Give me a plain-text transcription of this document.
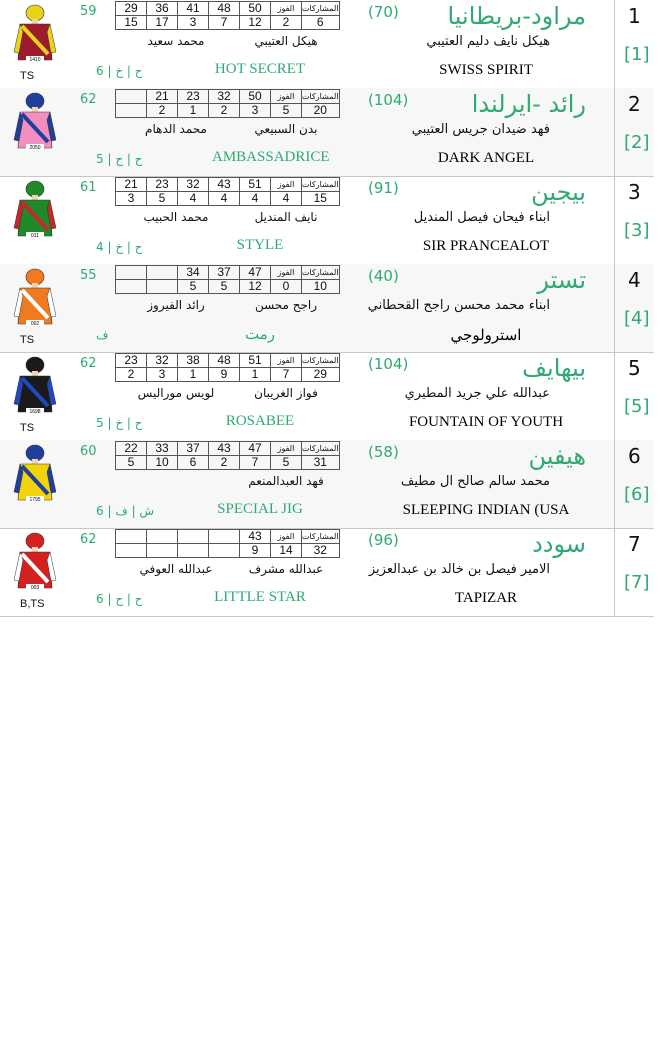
1
[1]
مراود-بريطانيا
(70)
هيكل نايف دليم العتيبي
SWISS SPIRIT
HOT SECRET
هيكل العتيبي
محمد سعيد
59
6 | ح | خ
TS
1410
29	36	41	48	50	الفوز	المشاركات
15	17	3	7	12	2	6
2
[2]
رائد -ايرلندا
(104)
فهد ضيدان جريس العتيبي
DARK ANGEL
AMBASSADRICE
بدن السبيعي
محمد الدهام
62
5 | ح | ح
2050
	21	23	32	50	الفوز	المشاركات
	2	1	2	3	5	20
3
[3]
بيجين
(91)
ابناء فيحان فيصل المنديل
SIR PRANCEALOT
STYLE
نايف المنديل
محمد الحبيب
61
4 | ح | خ
011
21	23	32	43	51	الفوز	المشاركات
3	5	4	4	4	4	15
4
[4]
تستر
(40)
ابناء محمد محسن راجح القحطاني
استرولوجي
رمت
راجح محسن
رائد الفيروز
55
ف
TS
002
		34	37	47	الفوز	المشاركات
		5	5	12	0	10
5
[5]
بيهايف
(104)
عبدالله علي جريد المطيري
FOUNTAIN OF YOUTH
ROSABEE
فواز الغريبان
لويس موراليس
62
5 | ح | خ
TS
1698
23	32	38	48	51	الفوز	المشاركات
2	3	1	9	1	7	29
6
[6]
هيفين
(58)
محمد سالم صالح ال مطيف
SLEEPING INDIAN (USA
SPECIAL JIG
فهد العبدالمنعم
60
6 | ش | ف
1795
22	33	37	43	47	الفوز	المشاركات
5	10	6	2	7	5	31
7
[7]
سودد
(96)
الامير فيصل بن خالد بن عبدالعزيز
TAPIZAR
LITTLE STAR
عبدالله مشرف
عبدالله العوفي
62
6 | ح | ح
B,TS
003
				43	الفوز	المشاركات
				9	14	32
